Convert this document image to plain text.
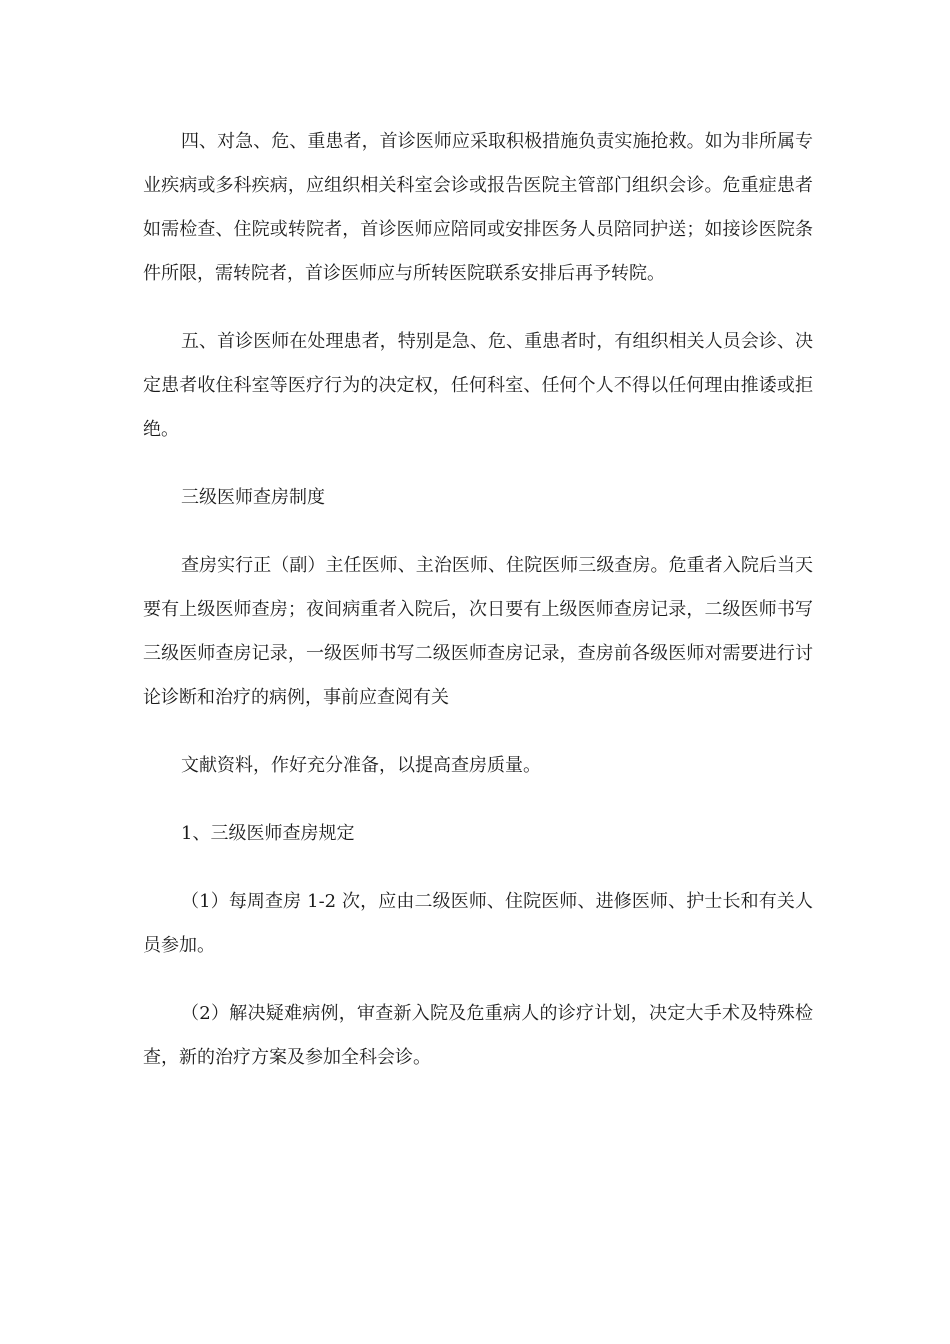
四、对急、危、重患者，首诊医师应采取积极措施负责实施抢救。如为非所属专业疾病或多科疾病，应组织相关科室会诊或报告医院主管部门组织会诊。危重症患者如需检查、住院或转院者，首诊医师应陪同或安排医务人员陪同护送；如接诊医院条件所限，需转院者，首诊医师应与所转医院联系安排后再予转院。

五、首诊医师在处理患者，特别是急、危、重患者时，有组织相关人员会诊、决定患者收住科室等医疗行为的决定权，任何科室、任何个人不得以任何理由推诿或拒绝。

三级医师查房制度

查房实行正（副）主任医师、主治医师、住院医师三级查房。危重者入院后当天要有上级医师查房；夜间病重者入院后，次日要有上级医师查房记录，二级医师书写三级医师查房记录，一级医师书写二级医师查房记录，查房前各级医师对需要进行讨论诊断和治疗的病例，事前应查阅有关

文献资料，作好充分准备，以提高查房质量。

1、三级医师查房规定

（1）每周查房 1-2 次，应由二级医师、住院医师、进修医师、护士长和有关人员参加。

（2）解决疑难病例，审查新入院及危重病人的诊疗计划，决定大手术及特殊检查，新的治疗方案及参加全科会诊。
